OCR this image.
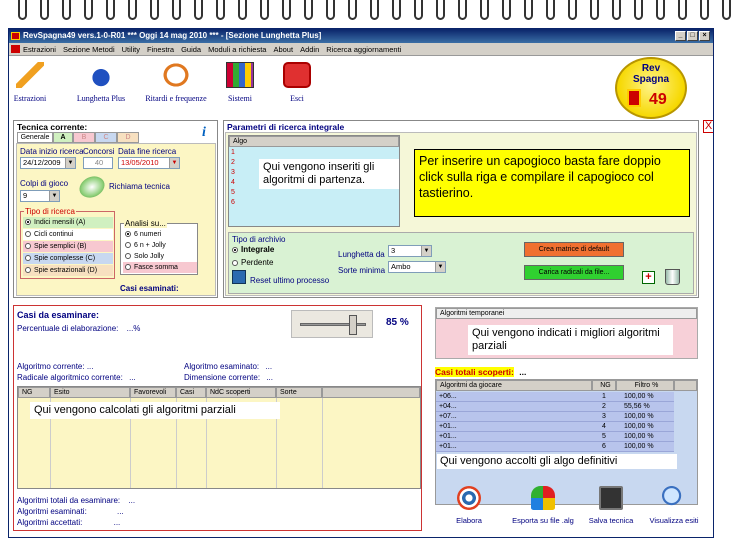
RevSpagna49 vers.1-0-R01 *** Oggi 14 mag 2010 *** - [Sezione Lunghetta Plus]	_	□	×
Estrazioni Sezione Metodi Utility Finestra Guida Moduli a richiesta About Addin Ricerca aggiornamenti
Estrazioni	Lunghetta Plus	Ritardi e frequenze	Sistemi	Esci
Rev
Spagna
49
X
Tecnica corrente:
Generale	A	B	C	D	i
Data inizio ricerca
24/12/2009	▼
Concorsi
40
Data fine ricerca
13/05/2010	▼
Colpi di gioco
9	▼
Richiama tecnica
Tipo di ricerca
Indici mensili (A)
Cicli continui
Spie semplici (B)
Spie complesse (C)
Spie estrazionali (D)
Analisi su...
6 numeri
6 n + Jolly
Solo Jolly
Fasce somma
Casi esaminati:
Parametri di ricerca integrale
Algo
1
2
3
4
5
6
Qui vengono inseriti gli algoritmi di partenza.
Per inserire un capogioco basta fare doppio click sulla riga e compilare il capogioco col tastierino.
Tipo di archivio
Integrale
Perdente
Reset ultimo processo
Lunghetta da 3	▼
Sorte minima Ambo	▼
Crea matrice di default
Carica radicali da file...	+
Casi da esaminare:
Percentuale di elaborazione: ...%
85 %
Algoritmo corrente: ...
Radicale algoritmico corrente: ...
Algoritmo esaminato: ...
Dimensione corrente: ...
NG	Esito	Favorevoli	Casi	NdC scoperti	Sorte
Qui vengono calcolati gli algoritmi parziali
Algoritmi totali da esaminare: ...
Algoritmi esaminati:	...
Algoritmi accettati:	...
Algoritmi temporanei
Qui vengono indicati i migliori algoritmi parziali
Casi totali scoperti: ...
Algoritmi da giocare	NG	Filtro %
+06...	1	100,00 %
+04...	2	55,56 %
+07...	3	100,00 %
+01...	4	100,00 %
+01...	5	100,00 %
+01...	6	100,00 %
Qui vengono accolti gli algo definitivi
Elabora	Esporta su file .alg	Salva tecnica	Visualizza esiti
